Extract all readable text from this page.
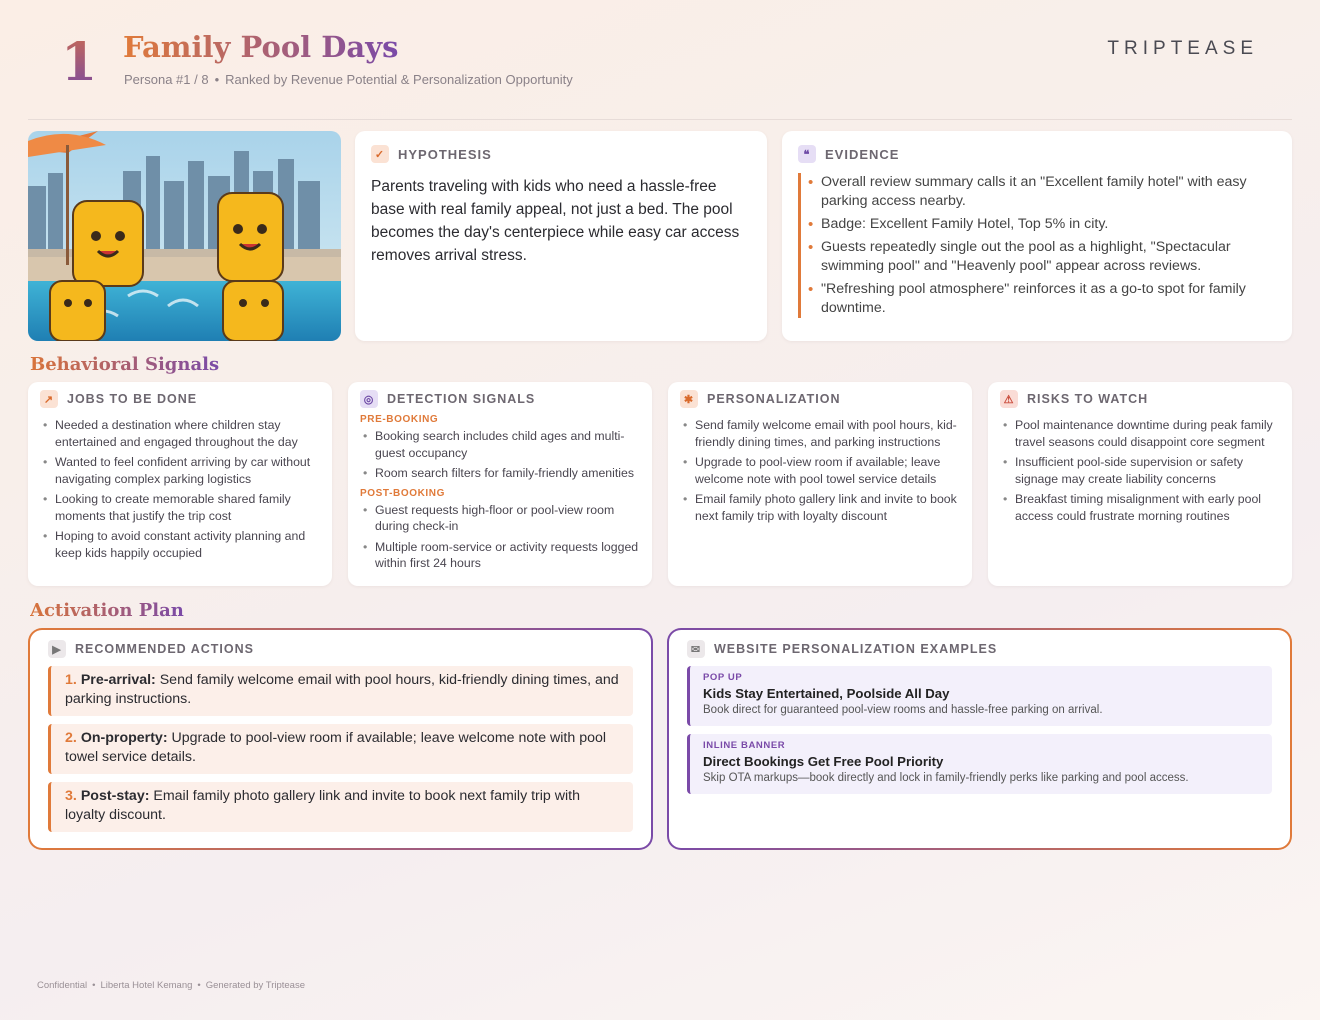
1 Family Pool Days
Persona #1 / 8 • Ranked by Revenue Potential & Personalization Opportunity
TRIPTEASE
✓ HYPOTHESIS
Parents traveling with kids who need a hassle-free base with real family appeal, not just a bed. The pool becomes the day's centerpiece while easy car access removes arrival stress.
❝	EVIDENCE
• Overall review summary calls it an "Excellent family hotel" with easy parking access nearby.
• Badge: Excellent Family Hotel, Top 5% in city.
• Guests repeatedly single out the pool as a highlight, "Spectacular swimming pool" and "Heavenly pool" appear across reviews.
• "Refreshing pool atmosphere" reinforces it as a go-to spot for family downtime.
Behavioral Signals
↗	JOBS TO BE DONE
• Needed a destination where children stay entertained and engaged throughout the day
• Wanted to feel confident arriving by car without navigating complex parking logistics
• Looking to create memorable shared family moments that justify the trip cost
• Hoping to avoid constant activity planning and keep kids happily occupied
◎ DETECTION SIGNALS
PRE-BOOKING
• Booking search includes child ages and multi-guest occupancy
• Room search filters for family-friendly amenities
POST-BOOKING
• Guest requests high-floor or pool-view room during check-in
• Multiple room-service or activity requests logged within first 24 hours
✱	PERSONALIZATION
• Send family welcome email with pool hours, kid-friendly dining times, and parking instructions
• Upgrade to pool-view room if available; leave welcome note with pool towel service details
• Email family photo gallery link and invite to book next family trip with loyalty discount
⚠ RISKS TO WATCH
• Pool maintenance downtime during peak family travel seasons could disappoint core segment
• Insufficient pool-side supervision or safety signage may create liability concerns
• Breakfast timing misalignment with early pool access could frustrate morning routines
Activation Plan
▶	RECOMMENDED ACTIONS
1. Pre-arrival: Send family welcome email with pool hours, kid-friendly dining times, and parking instructions.
2. On-property: Upgrade to pool-view room if available; leave welcome note with pool towel service details.
3. Post-stay: Email family photo gallery link and invite to book next family trip with loyalty discount.
✉	WEBSITE PERSONALIZATION EXAMPLES
POP UP
Kids Stay Entertained, Poolside All Day
Book direct for guaranteed pool-view rooms and hassle-free parking on arrival.
INLINE BANNER
Direct Bookings Get Free Pool Priority
Skip OTA markups—book directly and lock in family-friendly perks like parking and pool access.
Confidential • Liberta Hotel Kemang • Generated by Triptease
